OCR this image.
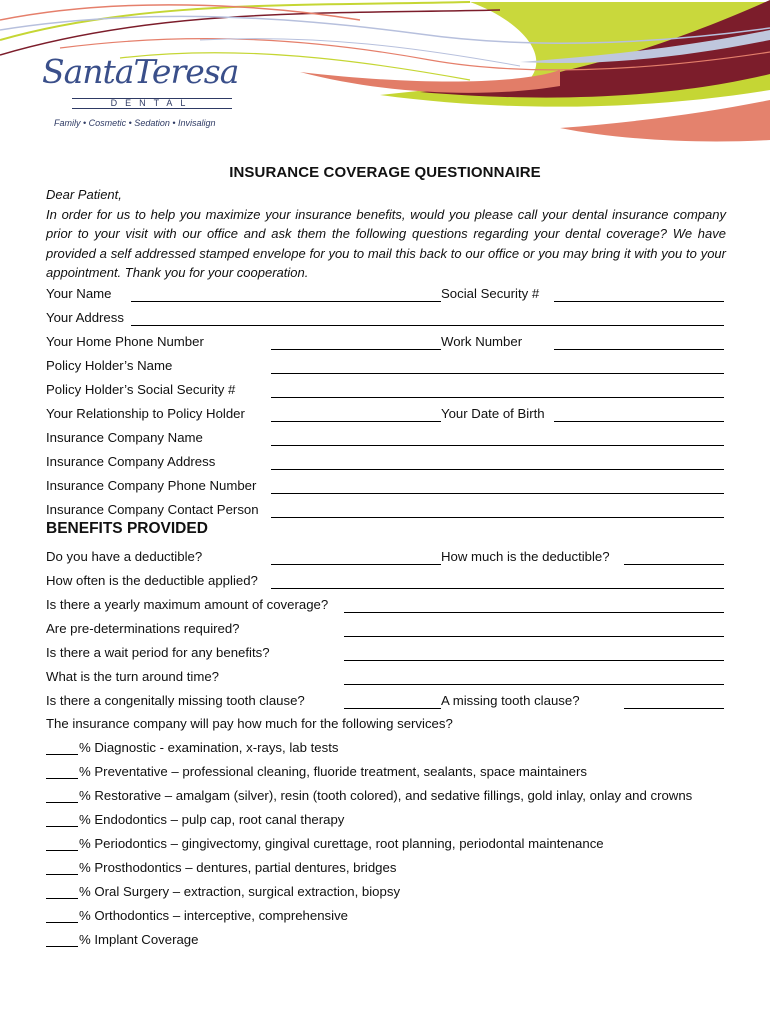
SantaTeresa
DENTAL
Family • Cosmetic • Sedation • Invisalign
INSURANCE COVERAGE QUESTIONNAIRE

Dear Patient,

In order for us to help you maximize your insurance benefits, would you please call your dental insurance company prior to your visit with our office and ask them the following questions regarding your dental coverage? We have provided a self addressed stamped envelope for you to mail this back to our office or you may bring it with you to your appointment. Thank you for your cooperation.

Your Name	Social Security #
Your Address
Your Home Phone Number	Work Number
Policy Holder’s Name
Policy Holder’s Social Security #
Your Relationship to Policy Holder	Your Date of Birth
Insurance Company Name
Insurance Company Address
Insurance Company Phone Number
Insurance Company Contact Person
BENEFITS PROVIDED
Do you have a deductible?	How much is the deductible?
How often is the deductible applied?
Is there a yearly maximum amount of coverage?
Are pre-determinations required?
Is there a wait period for any benefits?
What is the turn around time?
Is there a congenitally missing tooth clause?	A missing tooth clause?
The insurance company will pay how much for the following services?
% Diagnostic - examination, x-rays, lab tests
% Preventative – professional cleaning, fluoride treatment, sealants, space maintainers
% Restorative – amalgam (silver), resin (tooth colored), and sedative fillings, gold inlay, onlay and crowns
% Endodontics – pulp cap, root canal therapy
% Periodontics – gingivectomy, gingival curettage, root planning, periodontal maintenance
% Prosthodontics – dentures, partial dentures, bridges
% Oral Surgery – extraction, surgical extraction, biopsy
% Orthodontics – interceptive, comprehensive
% Implant Coverage
